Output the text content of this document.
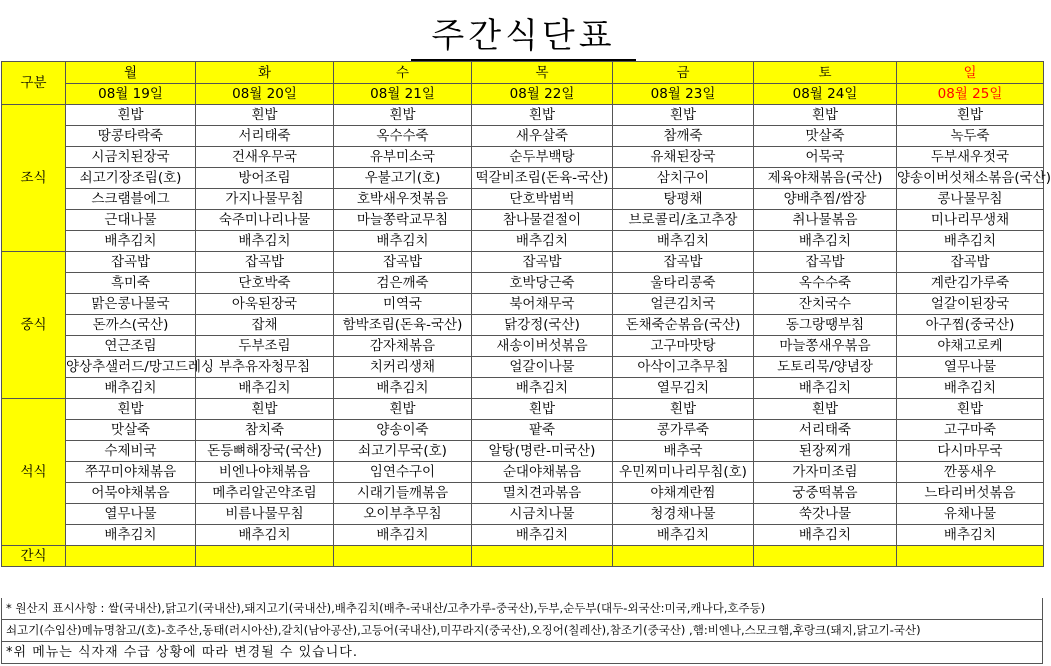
주간식단표
구분	월	화	수	목	금	토	일
	08월 19일	08월 20일	08월 21일	08월 22일	08월 23일	08월 24일	08월 25일
조식	흰밥	흰밥	흰밥	흰밥	흰밥	흰밥	흰밥
	땅콩타락죽	서리태죽	옥수수죽	새우살죽	참깨죽	맛살죽	녹두죽
	시금치된장국	건새우무국	유부미소국	순두부백탕	유채된장국	어묵국	두부새우젓국
	쇠고기장조림(호)	방어조림	우불고기(호)	떡갈비조림(돈육-국산)	삼치구이	제육야채볶음(국산)	양송이버섯채소볶음(국산)
	스크램블에그	가지나물무침	호박새우젓볶음	단호박범벅	탕평채	양배추찜/쌈장	콩나물무침
	근대나물	숙주미나리나물	마늘쫑락교무침	참나물겉절이	브로콜리/초고추장	취나물볶음	미나리무생채
	배추김치	배추김치	배추김치	배추김치	배추김치	배추김치	배추김치
중식	잡곡밥	잡곡밥	잡곡밥	잡곡밥	잡곡밥	잡곡밥	잡곡밥
	흑미죽	단호박죽	검은깨죽	호박당근죽	울타리콩죽	옥수수죽	계란김가루죽
	맑은콩나물국	아욱된장국	미역국	북어채무국	얼큰김치국	잔치국수	얼갈이된장국
	돈까스(국산)	잡채	함박조림(돈육-국산)	닭강정(국산)	돈채죽순볶음(국산)	동그랑땡부침	아구찜(중국산)
	연근조림	두부조림	감자채볶음	새송이버섯볶음	고구마맛탕	마늘쫑새우볶음	야채고로케
	양상추샐러드/망고드레싱	부추유자청무침	치커리생채	얼갈이나물	아삭이고추무침	도토리묵/양념장	열무나물
	배추김치	배추김치	배추김치	배추김치	열무김치	배추김치	배추김치
석식	흰밥	흰밥	흰밥	흰밥	흰밥	흰밥	흰밥
	맛살죽	참치죽	양송이죽	팥죽	콩가루죽	서리태죽	고구마죽
	수제비국	돈등뼈해장국(국산)	쇠고기무국(호)	알탕(명란-미국산)	배추국	된장찌개	다시마무국
	쭈꾸미야채볶음	비엔나야채볶음	임연수구이	순대야채볶음	우민찌미나리무침(호)	가자미조림	깐풍새우
	어묵야채볶음	메추리알곤약조림	시래기들깨볶음	멸치견과볶음	야채계란찜	궁중떡볶음	느타리버섯볶음
	열무나물	비름나물무침	오이부추무침	시금치나물	청경채나물	쑥갓나물	유채나물
	배추김치	배추김치	배추김치	배추김치	배추김치	배추김치	배추김치
간식							
* 원산지 표시사항 : 쌀(국내산),닭고기(국내산),돼지고기(국내산),배추김치(배추-국내산/고추가루-중국산),두부,순두부(대두-외국산:미국,캐나다,호주등)
쇠고기(수입산)메뉴명참고/(호)-호주산,동태(러시아산),갈치(남아공산),고등어(국내산),미꾸라지(중국산),오징어(칠레산),참조기(중국산) ,햄:비엔나,스모크햄,후랑크(돼지,닭고기-국산)
*위 메뉴는 식자재 수급 상황에 따라 변경될 수 있습니다.
